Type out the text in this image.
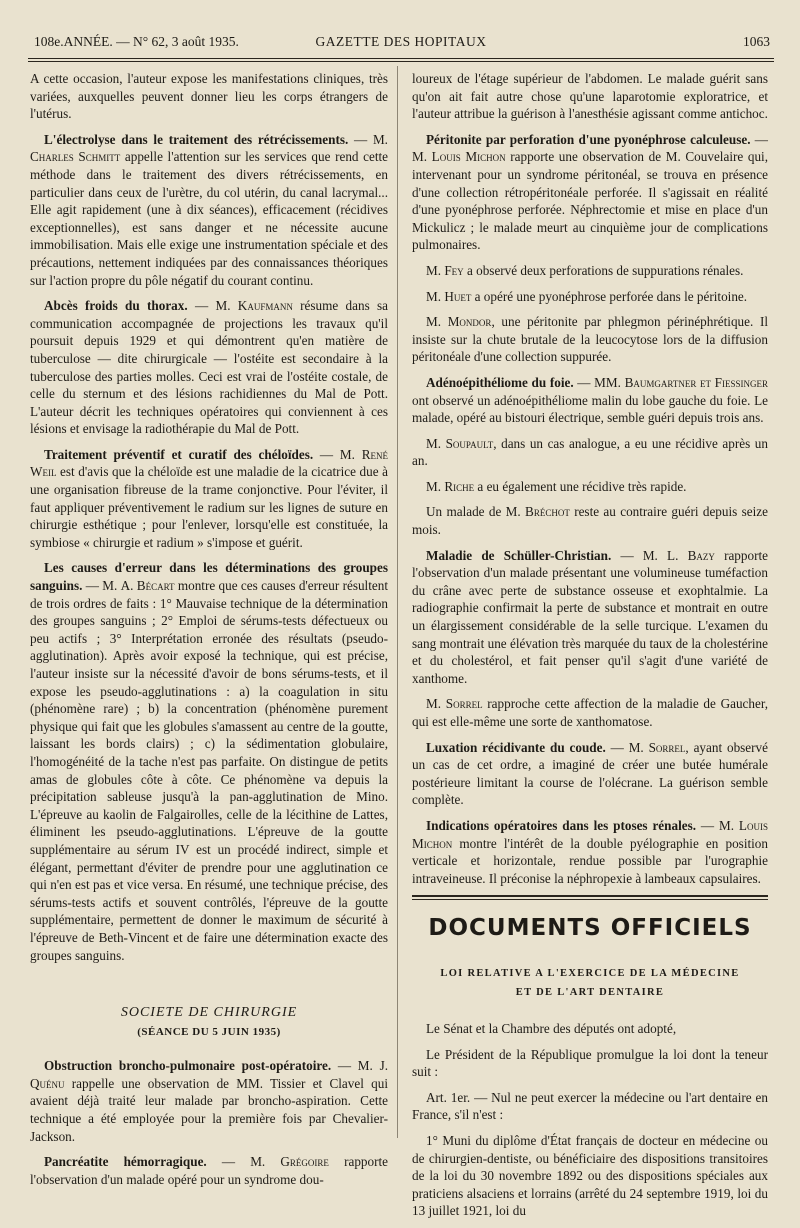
108e.ANNÉE. — N° 62, 3 août 1935.	GAZETTE DES HOPITAUX	1063

A cette occasion, l'auteur expose les manifestations cliniques, très variées, auxquelles peuvent donner lieu les corps étrangers de l'utérus.

L'électrolyse dans le traitement des rétrécissements. — M. Charles Schmitt appelle l'attention sur les services que rend cette méthode dans le traitement des divers rétrécissements, en particulier dans ceux de l'urètre, du col utérin, du canal lacrymal... Elle agit rapidement (une à dix séances), efficacement (récidives exceptionnelles), est sans danger et ne nécessite aucune immobilisation. Mais elle exige une instrumentation spéciale et des précautions, nettement indiquées par des connaissances théoriques sur l'action propre du pôle négatif du courant continu.

Abcès froids du thorax. — M. Kaufmann résume dans sa communication accompagnée de projections les travaux qu'il poursuit depuis 1929 et qui démontrent qu'en matière de tuberculose — dite chirurgicale — l'ostéite est secondaire à la tuberculose des parties molles. Ceci est vrai de l'ostéite costale, de celle du sternum et des lésions rachidiennes du Mal de Pott. L'auteur décrit les techniques opératoires qui conviennent à ces lésions et envisage la radiothérapie du Mal de Pott.

Traitement préventif et curatif des chéloïdes. — M. René Weil est d'avis que la chéloïde est une maladie de la cicatrice due à une organisation fibreuse de la trame conjonctive. Pour l'éviter, il faut appliquer préventivement le radium sur les lignes de suture en chirurgie esthétique ; pour l'enlever, lorsqu'elle est constituée, la symbiose « chirurgie et radium » s'impose et guérit.

Les causes d'erreur dans les déterminations des groupes sanguins. — M. A. Bécart montre que ces causes d'erreur résultent de trois ordres de faits : 1° Mauvaise technique de la détermination des groupes sanguins ; 2° Emploi de sérums-tests défectueux ou peu actifs ; 3° Interprétation erronée des résultats (pseudo-agglutination). Après avoir exposé la technique, qui est précise, l'auteur insiste sur la nécessité d'avoir de bons sérums-tests, et il expose les pseudo-agglutinations : a) la coagulation in situ (phénomène rare) ; b) la concentration (phénomène purement physique qui fait que les globules s'amassent au centre de la goutte, laissant les bords clairs) ; c) la sédimentation globulaire, l'homogénéité de la tache n'est pas parfaite. On distingue de petits amas de globules côte à côte. Ce phénomène va depuis la précipitation sableuse jusqu'à la pan-agglutination de Mino. L'épreuve au kaolin de Falgairolles, celle de la lécithine de Lattes, éliminent les pseudo-agglutinations. L'épreuve de la goutte supplémentaire au sérum IV est un procédé indirect, simple et élégant, permettant d'éviter de prendre pour une agglutination ce qui n'en est pas et vice versa. En résumé, une technique précise, des sérums-tests actifs et souvent contrôlés, l'épreuve de la goutte supplémentaire, permettent de donner le maximum de sécurité à l'épreuve de Beth-Vincent et de faire une détermination exacte des groupes sanguins.

SOCIETE DE CHIRURGIE
(SÉANCE DU 5 JUIN 1935)

Obstruction broncho-pulmonaire post-opératoire. — M. J. Quénu rappelle une observation de MM. Tissier et Clavel qui avaient déjà traité leur malade par broncho-aspiration. Cette technique a été employée pour la première fois par Chevalier-Jackson.

Pancréatite hémorragique. — M. Grégoire rapporte l'observation d'un malade opéré pour un syndrome dou-

loureux de l'étage supérieur de l'abdomen. Le malade guérit sans qu'on ait fait autre chose qu'une laparotomie exploratrice, et l'auteur attribue la guérison à l'anesthésie agissant comme antichoc.

Péritonite par perforation d'une pyonéphrose calculeuse. — M. Louis Michon rapporte une observation de M. Couvelaire qui, intervenant pour un syndrome péritonéal, se trouva en présence d'une collection rétropéritonéale perforée. Il s'agissait en réalité d'une pyonéphrose perforée. Néphrectomie et mise en place d'un Mickulicz ; le malade meurt au cinquième jour de complications pulmonaires.

M. Fey a observé deux perforations de suppurations rénales.

M. Huet a opéré une pyonéphrose perforée dans le péritoine.

M. Mondor, une péritonite par phlegmon périnéphrétique. Il insiste sur la chute brutale de la leucocytose lors de la diffusion péritonéale d'une collection suppurée.

Adénoépithéliome du foie. — MM. Baumgartner et Fiessinger ont observé un adénoépithéliome malin du lobe gauche du foie. Le malade, opéré au bistouri électrique, semble guéri depuis trois ans.

M. Soupault, dans un cas analogue, a eu une récidive après un an.

M. Riche a eu également une récidive très rapide.

Un malade de M. Bréchot reste au contraire guéri depuis seize mois.

Maladie de Schüller-Christian. — M. L. Bazy rapporte l'observation d'un malade présentant une volumineuse tuméfaction du crâne avec perte de substance osseuse et exophtalmie. La radiographie confirmait la perte de substance et montrait en outre un élargissement considérable de la selle turcique. L'examen du sang montrait une élévation très marquée du taux de la cholestérine et du cholestérol, et fait penser qu'il s'agit d'une variété de xanthome.

M. Sorrel rapproche cette affection de la maladie de Gaucher, qui est elle-même une sorte de xanthomatose.

Luxation récidivante du coude. — M. Sorrel, ayant observé un cas de cet ordre, a imaginé de créer une butée humérale postérieure limitant la course de l'olécrane. La guérison semble complète.

Indications opératoires dans les ptoses rénales. — M. Louis Michon montre l'intérêt de la double pyélographie en position verticale et horizontale, rendue possible par l'urographie intraveineuse. Il préconise la néphropexie à lambeaux capsulaires.

DOCUMENTS OFFICIELS
LOI RELATIVE A L'EXERCICE DE LA MÉDECINE
ET DE L'ART DENTAIRE

Le Sénat et la Chambre des députés ont adopté,

Le Président de la République promulgue la loi dont la teneur suit :

Art. 1er. — Nul ne peut exercer la médecine ou l'art dentaire en France, s'il n'est :

1° Muni du diplôme d'État français de docteur en médecine ou de chirurgien-dentiste, ou bénéficiaire des dispositions transitoires de la loi du 30 novembre 1892 ou des dispositions spéciales aux praticiens alsaciens et lorrains (arrêté du 24 septembre 1919, loi du 13 juillet 1921, loi du
